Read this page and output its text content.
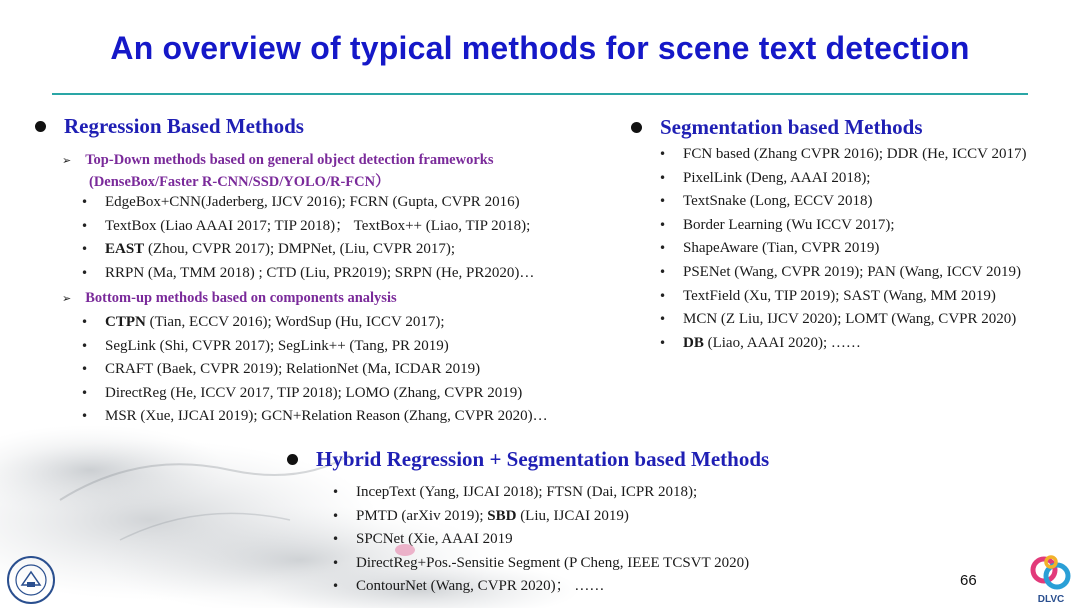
An overview of typical methods for scene text detection
Regression Based Methods
➢ Top-Down methods based on general object detection frameworks
(DenseBox/Faster R-CNN/SSD/YOLO/R-FCN）
• EdgeBox+CNN(Jaderberg, IJCV 2016); FCRN (Gupta, CVPR 2016)
• TextBox (Liao AAAI 2017; TIP 2018)； TextBox++ (Liao, TIP 2018);
• EAST (Zhou, CVPR 2017); DMPNet, (Liu, CVPR 2017);
• RRPN (Ma, TMM 2018) ; CTD (Liu, PR2019); SRPN (He, PR2020)…
➢ Bottom-up methods based on components analysis
• CTPN (Tian, ECCV 2016); WordSup (Hu, ICCV 2017);
• SegLink (Shi, CVPR 2017); SegLink++ (Tang, PR 2019)
• CRAFT (Baek, CVPR 2019); RelationNet (Ma, ICDAR 2019)
• DirectReg (He, ICCV 2017, TIP 2018); LOMO (Zhang, CVPR 2019)
• MSR (Xue, IJCAI 2019); GCN+Relation Reason (Zhang, CVPR 2020)…
Segmentation based Methods
• FCN based (Zhang CVPR 2016); DDR (He, ICCV 2017)
• PixelLink (Deng, AAAI 2018);
• TextSnake (Long, ECCV 2018)
• Border Learning (Wu ICCV 2017);
• ShapeAware (Tian, CVPR 2019)
• PSENet (Wang, CVPR 2019); PAN (Wang, ICCV 2019)
• TextField (Xu, TIP 2019); SAST (Wang, MM 2019)
• MCN (Z Liu, IJCV 2020); LOMT (Wang, CVPR 2020)
• DB (Liao, AAAI 2020); ……
Hybrid Regression + Segmentation based Methods
• IncepText (Yang, IJCAI 2018); FTSN (Dai, ICPR 2018);
• PMTD (arXiv 2019); SBD (Liu, IJCAI 2019)
• SPCNet (Xie, AAAI 2019
• DirectReg+Pos.-Sensitie Segment (P Cheng, IEEE TCSVT 2020)
• ContourNet (Wang, CVPR 2020)； ……	66
DLVC
